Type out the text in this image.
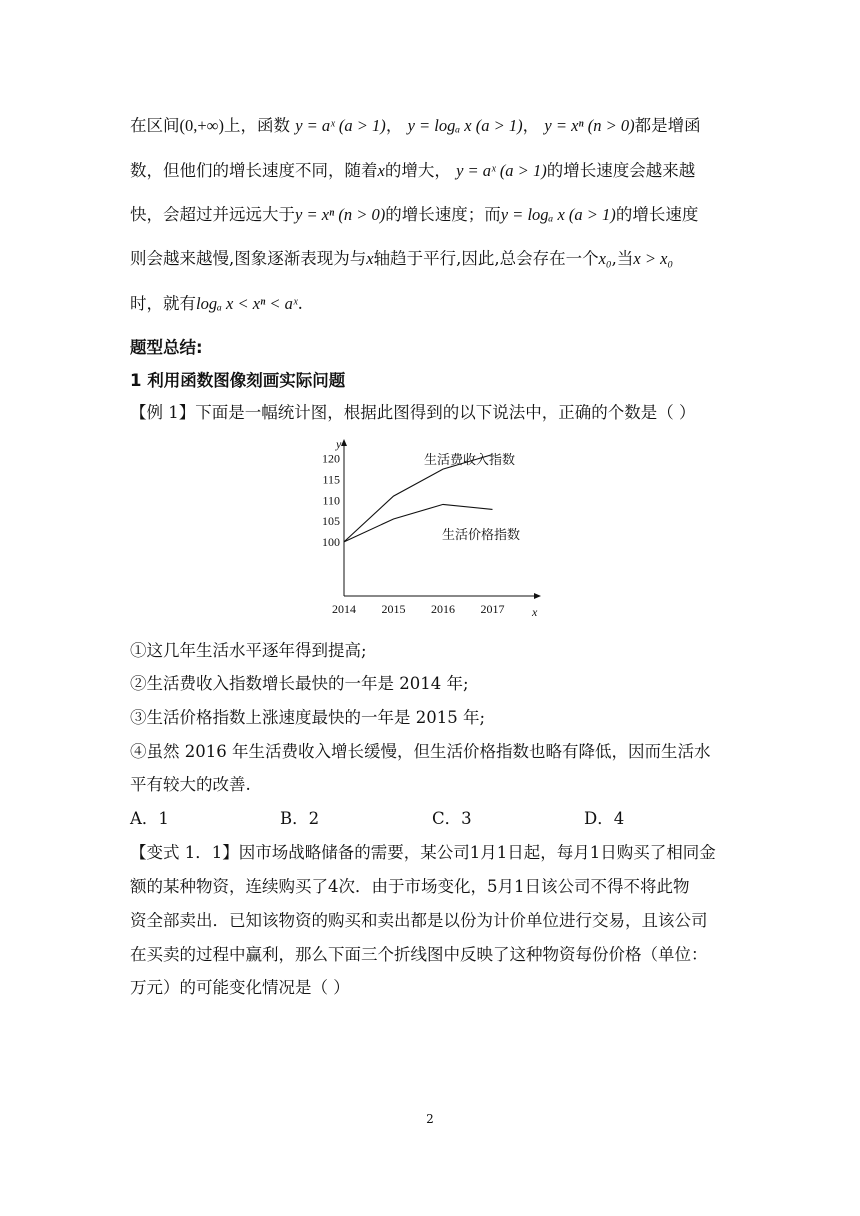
在区间(0,+∞)上，函数 y = aˣ (a > 1)， y = logₐ x (a > 1)， y = xⁿ (n > 0)都是增函
数，但他们的增长速度不同，随着x的增大， y = aˣ (a > 1)的增长速度会越来越
快，会超过并远远大于y = xⁿ (n > 0)的增长速度；而y = logₐ x (a > 1)的增长速度
则会越来越慢,图象逐渐表现为与x轴趋于平行,因此,总会存在一个x₀,当x > x₀
时，就有logₐ x < xⁿ < aˣ.
题型总结:
1 利用函数图像刻画实际问题
【例 1】下面是一幅统计图，根据此图得到的以下说法中，正确的个数是（ ）
y
x
100
105
110
115
120
2014 2015 2016 2017
生活费收入指数
生活价格指数
①这几年生活水平逐年得到提高;
②生活费收入指数增长最快的一年是 2014 年;
③生活价格指数上涨速度最快的一年是 2015 年;
④虽然 2016 年生活费收入增长缓慢，但生活价格指数也略有降低，因而生活水
平有较大的改善.
A．1	B．2	C．3	D．4
【变式 1．1】因市场战略储备的需要，某公司1月1日起，每月1日购买了相同金
额的某种物资，连续购买了4次．由于市场变化，5月1日该公司不得不将此物
资全部卖出．已知该物资的购买和卖出都是以份为计价单位进行交易，且该公司
在买卖的过程中赢利，那么下面三个折线图中反映了这种物资每份价格（单位：
万元）的可能变化情况是（ ）
2
